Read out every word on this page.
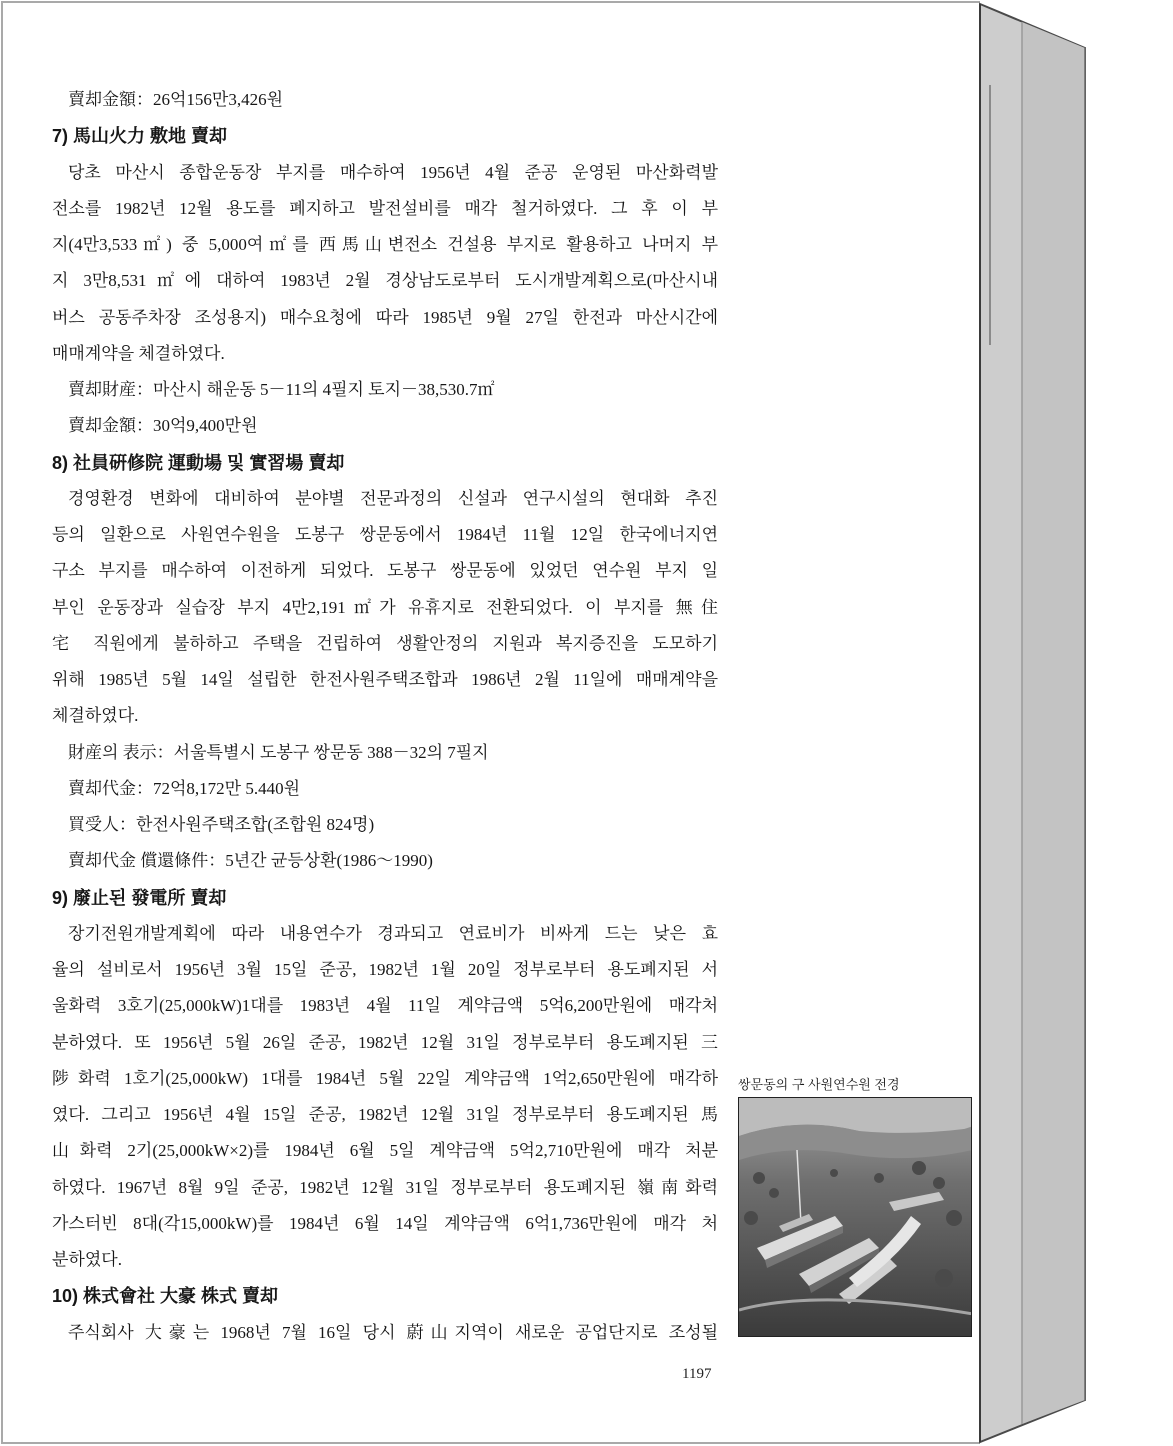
賣却金額：26억156만3,426원
7) 馬山火力 敷地 賣却
당초 마산시 종합운동장 부지를 매수하여 1956년 4월 준공 운영된 마산화력발
전소를 1982년 12월 용도를 폐지하고 발전설비를 매각 철거하였다. 그 후 이 부
지(4만3,533㎡) 중 5,000여㎡를 西馬山변전소 건설용 부지로 활용하고 나머지 부
지 3만8,531㎡에 대하여 1983년 2월 경상남도로부터 도시개발계획으로(마산시내
버스 공동주차장 조성용지) 매수요청에 따라 1985년 9월 27일 한전과 마산시간에
매매계약을 체결하였다.
賣却財産：마산시 해운동 5－11의 4필지 토지－38,530.7㎡
賣却金額：30억9,400만원
8) 社員硏修院 運動場 및 實習場 賣却
경영환경 변화에 대비하여 분야별 전문과정의 신설과 연구시설의 현대화 추진
등의 일환으로 사원연수원을 도봉구 쌍문동에서 1984년 11월 12일 한국에너지연
구소 부지를 매수하여 이전하게 되었다. 도봉구 쌍문동에 있었던 연수원 부지 일
부인 운동장과 실습장 부지 4만2,191㎡가 유휴지로 전환되었다. 이 부지를 無住
宅 직원에게 불하하고 주택을 건립하여 생활안정의 지원과 복지증진을 도모하기
위해 1985년 5월 14일 설립한 한전사원주택조합과 1986년 2월 11일에 매매계약을
체결하였다.
財産의 表示：서울특별시 도봉구 쌍문동 388－32의 7필지
賣却代金：72억8,172만 5.440원
買受人：한전사원주택조합(조합원 824명)
賣却代金 償還條件：5년간 균등상환(1986～1990)
9) 廢止된 發電所 賣却
장기전원개발계획에 따라 내용연수가 경과되고 연료비가 비싸게 드는 낮은 효
율의 설비로서 1956년 3월 15일 준공, 1982년 1월 20일 정부로부터 용도폐지된 서
울화력 3호기(25,000kW)1대를 1983년 4월 11일 계약금액 5억6,200만원에 매각처
분하였다. 또 1956년 5월 26일 준공, 1982년 12월 31일 정부로부터 용도폐지된 三
陟화력 1호기(25,000kW) 1대를 1984년 5월 22일 계약금액 1억2,650만원에 매각하
였다. 그리고 1956년 4월 15일 준공, 1982년 12월 31일 정부로부터 용도폐지된 馬
山화력 2기(25,000kW×2)를 1984년 6월 5일 계약금액 5억2,710만원에 매각 처분
하였다. 1967년 8월 9일 준공, 1982년 12월 31일 정부로부터 용도폐지된 嶺南화력
가스터빈 8대(각15,000kW)를 1984년 6월 14일 계약금액 6억1,736만원에 매각 처
분하였다.
10) 株式會社 大豪 株式 賣却
주식회사 大豪는 1968년 7월 16일 당시 蔚山지역이 새로운 공업단지로 조성될
쌍문동의 구 사원연수원 전경
1197
